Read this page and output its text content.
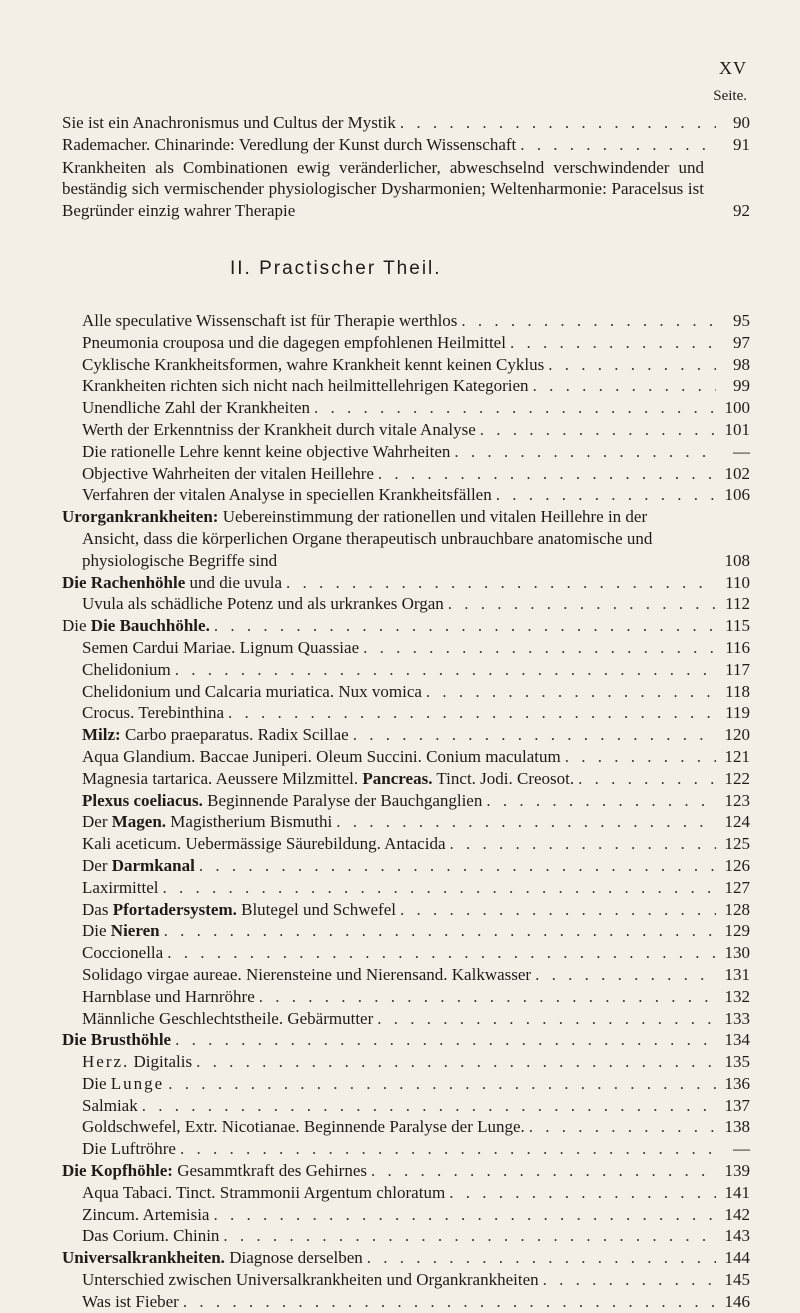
XV
Seite.
Sie ist ein Anachronismus und Cultus der Mystik . . .	90
Rademacher. Chinarinde: Veredlung der Kunst durch Wissenschaft . . .	91
Krankheiten als Combinationen ewig veränderlicher, abweschselnd verschwindender und beständig sich vermischender physiologischer Dysharmonien; Weltenharmonie: Paracelsus ist Begründer einzig wahrer Therapie	92
II. Practischer Theil.
Alle speculative Wissenschaft ist für Therapie werthlos . . .	95
Pneumonia crouposa und die dagegen empfohlenen Heilmittel . . .	97
Cyklische Krankheitsformen, wahre Krankheit kennt keinen Cyklus . . .	98
Krankheiten richten sich nicht nach heilmittellehrigen Kategorien . . .	99
Unendliche Zahl der Krankheiten . . .	100
Werth der Erkenntniss der Krankheit durch vitale Analyse . . .	101
Die rationelle Lehre kennt keine objective Wahrheiten . . .	—
Objective Wahrheiten der vitalen Heillehre . . .	102
Verfahren der vitalen Analyse in speciellen Krankheitsfällen . . .	106
Urorgankrankheiten: Uebereinstimmung der rationellen und vitalen Heillehre in der Ansicht, dass die körperlichen Organe therapeutisch unbrauchbare anatomische und physiologische Begriffe sind	108
Die Rachenhöhle und die uvula . . .	110
Uvula als schädliche Potenz und als urkrankes Organ . . .	112
Die Die Bauchhöhle. . . .	115
Semen Cardui Mariae. Lignum Quassiae . . .	116
Chelidonium . . .	117
Chelidonium und Calcaria muriatica. Nux vomica . . .	118
Crocus. Terebinthina . . .	119
Milz: Carbo praeparatus. Radix Scillae . . .	120
Aqua Glandium. Baccae Juniperi. Oleum Succini. Conium maculatum . . .	121
Magnesia tartarica. Aeussere Milzmittel. Pancreas. Tinct. Jodi. Creosot. . . .	122
Plexus coeliacus. Beginnende Paralyse der Bauchganglien . . .	123
Der Magen. Magistherium Bismuthi . . .	124
Kali aceticum. Uebermässige Säurebildung. Antacida . . .	125
Der Darmkanal . . .	126
Laxirmittel . . .	127
Das Pfortadersystem. Blutegel und Schwefel . . .	128
Die Nieren . . .	129
Coccionella . . .	130
Solidago virgae aureae. Nierensteine und Nierensand. Kalkwasser . . .	131
Harnblase und Harnröhre . . .	132
Männliche Geschlechtstheile. Gebärmutter . . .	133
Die Brusthöhle . . .	134
Herz. Digitalis . . .	135
Die Lunge . . .	136
Salmiak . . .	137
Goldschwefel, Extr. Nicotianae. Beginnende Paralyse der Lunge. . . .	138
Die Luftröhre . . .	—
Die Kopfhöhle: Gesammtkraft des Gehirnes . . .	139
Aqua Tabaci. Tinct. Strammonii Argentum chloratum . . .	141
Zincum. Artemisia . . .	142
Das Corium. Chinin . . .	143
Universalkrankheiten. Diagnose derselben . . .	144
Unterschied zwischen Universalkrankheiten und Organkrankheiten . . .	145
Was ist Fieber . . .	146
